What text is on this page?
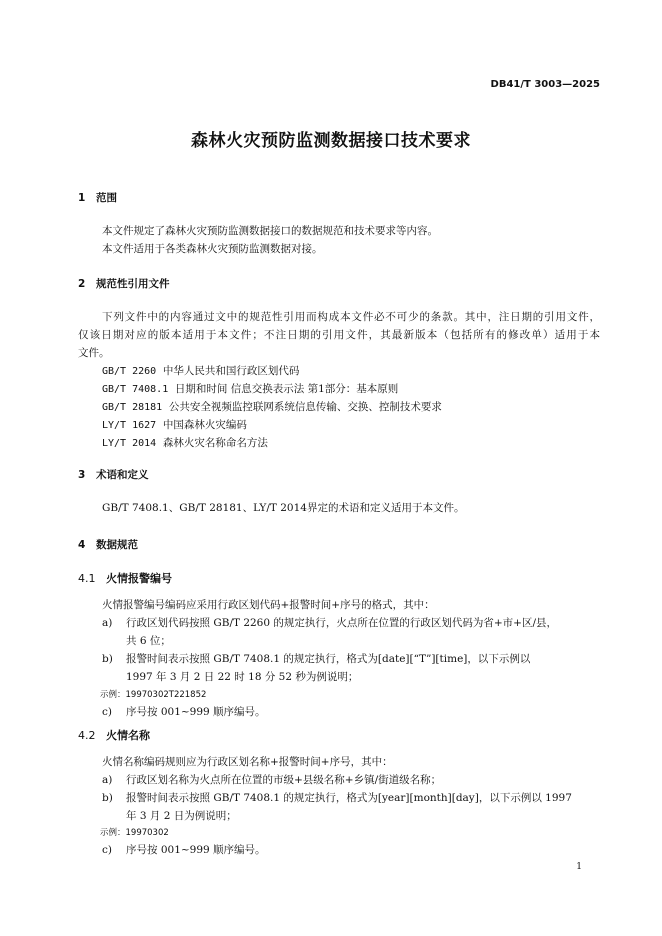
DB41/T 3003—2025
森林火灾预防监测数据接口技术要求
1 范围
本文件规定了森林火灾预防监测数据接口的数据规范和技术要求等内容。
本文件适用于各类森林火灾预防监测数据对接。
2 规范性引用文件
下列文件中的内容通过文中的规范性引用而构成本文件必不可少的条款。其中，注日期的引用文件，
仅该日期对应的版本适用于本文件；不注日期的引用文件，其最新版本（包括所有的修改单）适用于本
文件。
GB/T 2260 中华人民共和国行政区划代码
GB/T 7408.1 日期和时间 信息交换表示法 第1部分：基本原则
GB/T 28181 公共安全视频监控联网系统信息传输、交换、控制技术要求
LY/T 1627 中国森林火灾编码
LY/T 2014 森林火灾名称命名方法
3 术语和定义
GB/T 7408.1、GB/T 28181、LY/T 2014界定的术语和定义适用于本文件。
4 数据规范
4.1 火情报警编号
火情报警编号编码应采用行政区划代码+报警时间+序号的格式，其中：
a) 行政区划代码按照 GB/T 2260 的规定执行，火点所在位置的行政区划代码为省+市+区/县，
共 6 位；
b) 报警时间表示按照 GB/T 7408.1 的规定执行，格式为[date][“T”][time]，以下示例以
1997 年 3 月 2 日 22 时 18 分 52 秒为例说明；
示例：19970302T221852
c) 序号按 001~999 顺序编号。
4.2 火情名称
火情名称编码规则应为行政区划名称+报警时间+序号，其中：
a) 行政区划名称为火点所在位置的市级+县级名称+乡镇/街道级名称；
b) 报警时间表示按照 GB/T 7408.1 的规定执行，格式为[year][month][day]，以下示例以 1997
年 3 月 2 日为例说明；
示例：19970302
c) 序号按 001~999 顺序编号。
1
